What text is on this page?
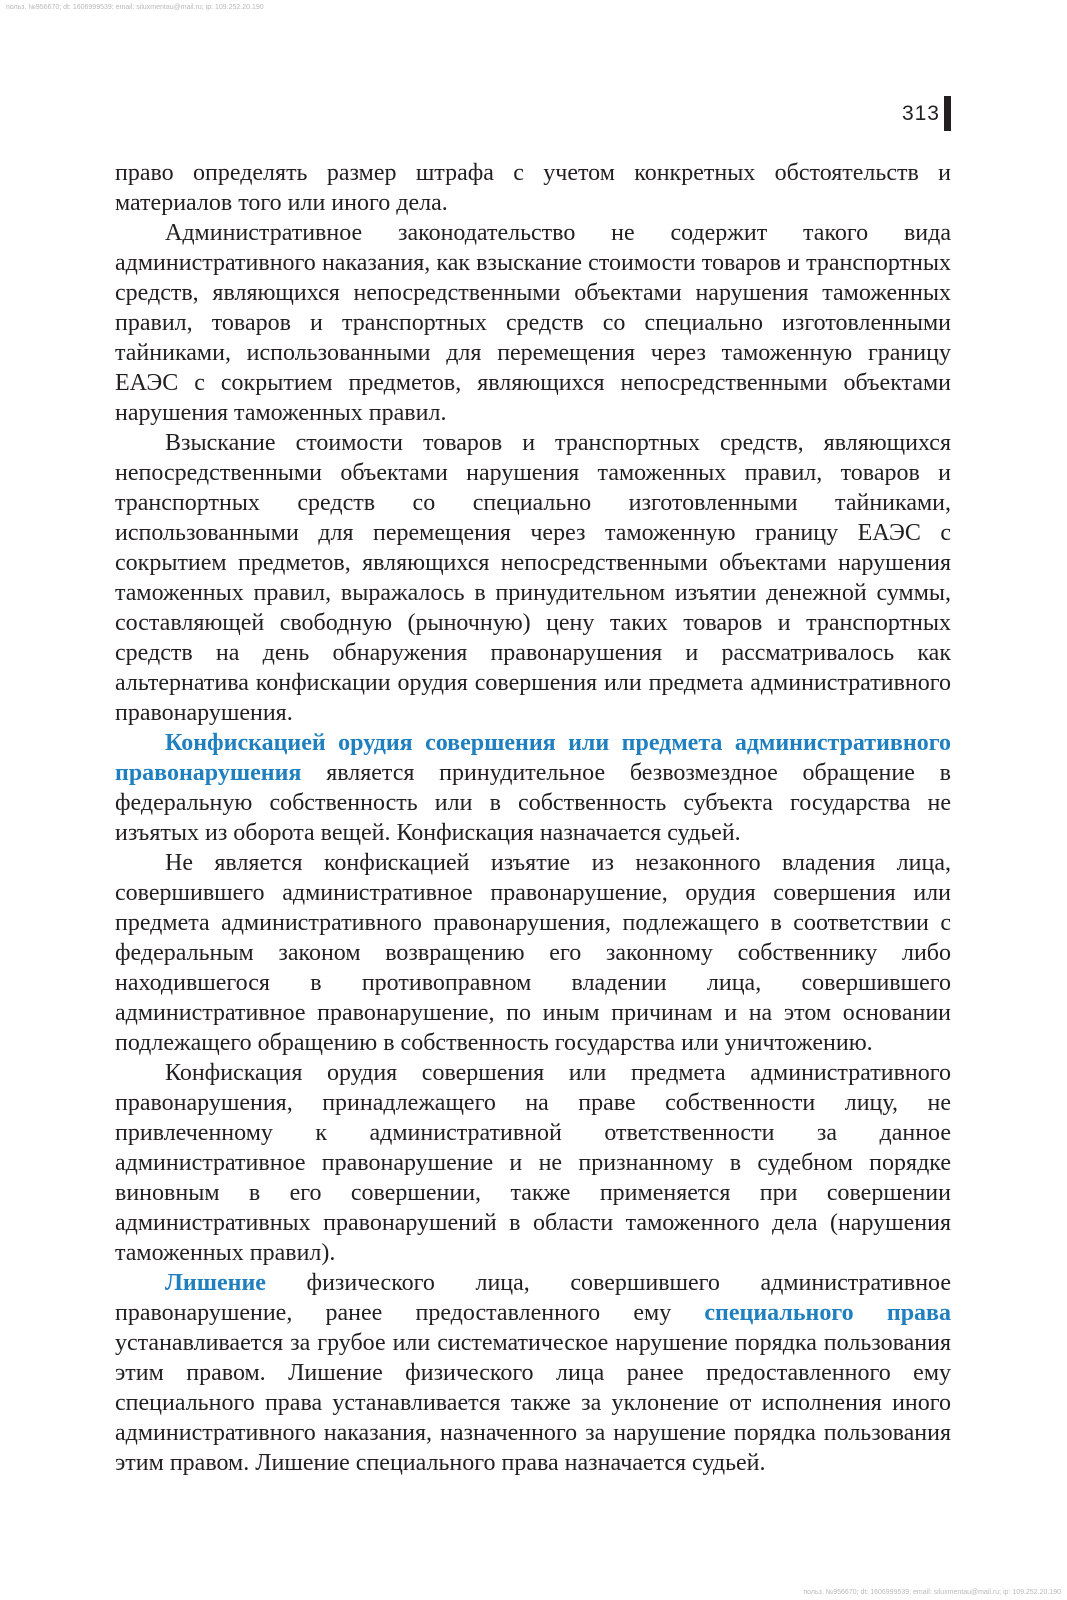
польз. №956670; dt: 1606999539; email: siluxmentau@mail.ru; ip: 109.252.20.190
313

право определять размер штрафа с учетом конкретных обстоятельств и материалов того или иного дела.

Административное законодательство не содержит такого вида административного наказания, как взыскание стоимости товаров и транспортных средств, являющихся непосредственными объектами нарушения таможенных правил, товаров и транспортных средств со специально изготовленными тайниками, использованными для перемещения через таможенную границу ЕАЭС с сокрытием предметов, являющихся непосредственными объектами нарушения таможенных правил.

Взыскание стоимости товаров и транспортных средств, являющихся непосредственными объектами нарушения таможенных правил, товаров и транспортных средств со специально изготовленными тайниками, использованными для перемещения через таможенную границу ЕАЭС с сокрытием предметов, являющихся непосредственными объектами нарушения таможенных правил, выражалось в принудительном изъятии денежной суммы, составляющей свободную (рыночную) цену таких товаров и транспортных средств на день обнаружения правонарушения и рассматривалось как альтернатива конфискации орудия совершения или предмета административного правонарушения.

Конфискацией орудия совершения или предмета административного правонарушения является принудительное безвозмездное обращение в федеральную собственность или в собственность субъекта государства не изъятых из оборота вещей. Конфискация назначается судьей.

Не является конфискацией изъятие из незаконного владения лица, совершившего административное правонарушение, орудия совершения или предмета административного правонарушения, подлежащего в соответствии с федеральным законом возвращению его законному собственнику либо находившегося в противоправном владении лица, совершившего административное правонарушение, по иным причинам и на этом основании подлежащего обращению в собственность государства или уничтожению.

Конфискация орудия совершения или предмета административного правонарушения, принадлежащего на праве собственности лицу, не привлеченному к административной ответственности за данное административное правонарушение и не признанному в судебном порядке виновным в его совершении, также применяется при совершении административных правонарушений в области таможенного дела (нарушения таможенных правил).

Лишение физического лица, совершившего административное правонарушение, ранее предоставленного ему специального права устанавливается за грубое или систематическое нарушение порядка пользования этим правом. Лишение физического лица ранее предоставленного ему специального права устанавливается также за уклонение от исполнения иного административного наказания, назначенного за нарушение порядка пользования этим правом. Лишение специального права назначается судьей.

польз. №956670; dt: 1606999539; email: siluxmentau@mail.ru; ip: 109.252.20.190
